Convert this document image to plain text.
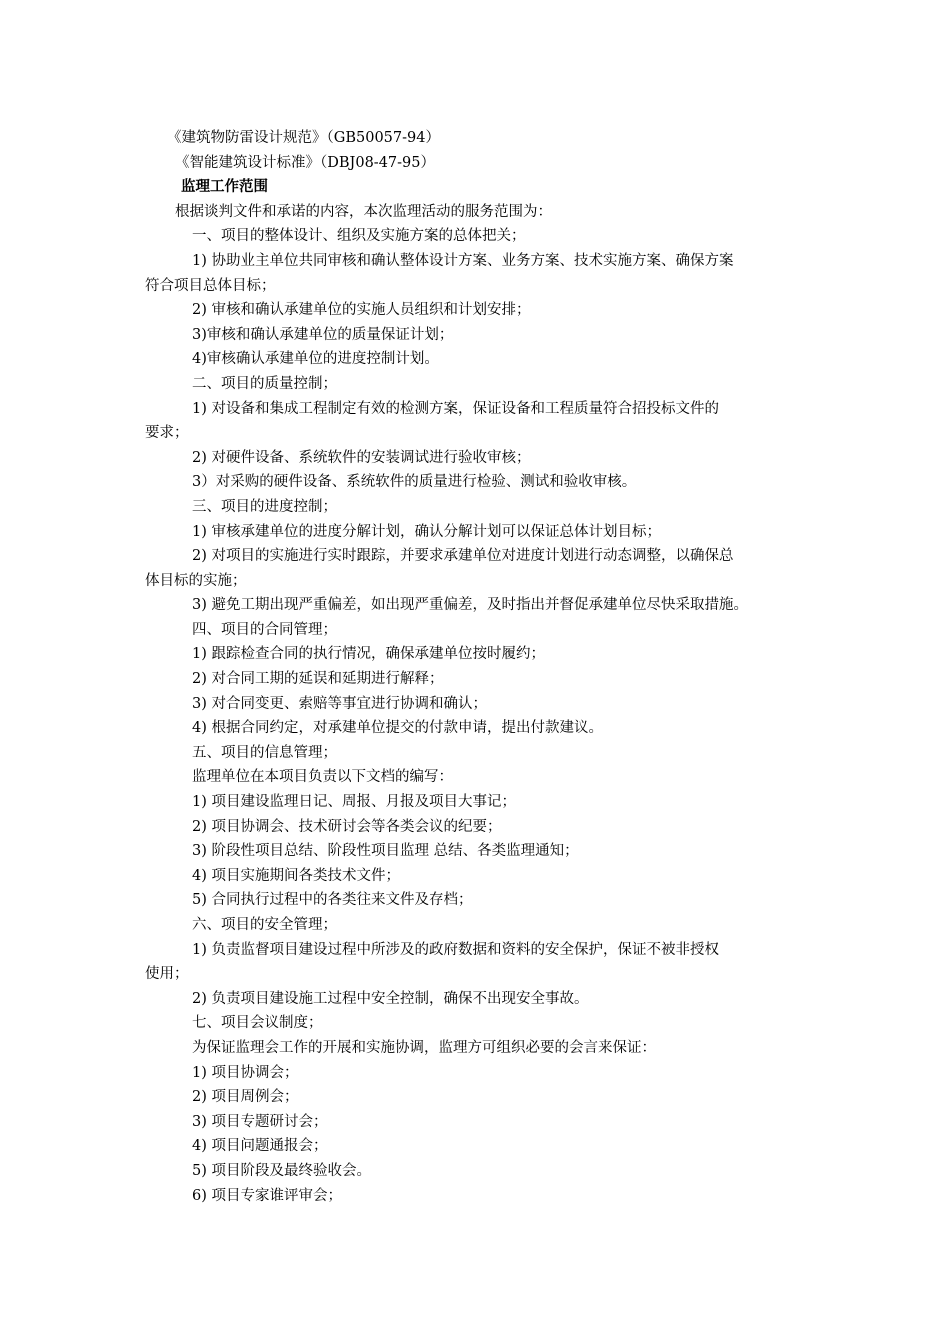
《建筑物防雷设计规范》（GB50057-94）

《智能建筑设计标准》（DBJ08-47-95）

监理工作范围

根据谈判文件和承诺的内容，本次监理活动的服务范围为：

一、项目的整体设计、组织及实施方案的总体把关；

1) 协助业主单位共同审核和确认整体设计方案、业务方案、技术实施方案、确保方案

符合项目总体目标；

2) 审核和确认承建单位的实施人员组织和计划安排；

3)审核和确认承建单位的质量保证计划；

4)审核确认承建单位的进度控制计划。

二、项目的质量控制；

1) 对设备和集成工程制定有效的检测方案，保证设备和工程质量符合招投标文件的

要求；

2) 对硬件设备、系统软件的安装调试进行验收审核；

3）对采购的硬件设备、系统软件的质量进行检验、测试和验收审核。

三、项目的进度控制；

1) 审核承建单位的进度分解计划，确认分解计划可以保证总体计划目标；

2) 对项目的实施进行实时跟踪，并要求承建单位对进度计划进行动态调整，以确保总

体目标的实施；

3) 避免工期出现严重偏差，如出现严重偏差，及时指出并督促承建单位尽快采取措施。

四、项目的合同管理；

1) 跟踪检查合同的执行情况，确保承建单位按时履约；

2) 对合同工期的延误和延期进行解释；

3) 对合同变更、索赔等事宜进行协调和确认；

4) 根据合同约定，对承建单位提交的付款申请，提出付款建议。

五、项目的信息管理；

监理单位在本项目负责以下文档的编写：

1) 项目建设监理日记、周报、月报及项目大事记；

2) 项目协调会、技术研讨会等各类会议的纪要；

3) 阶段性项目总结、阶段性项目监理 总结、各类监理通知；

4) 项目实施期间各类技术文件；

5) 合同执行过程中的各类往来文件及存档；

六、项目的安全管理；

1) 负责监督项目建设过程中所涉及的政府数据和资料的安全保护，保证不被非授权

使用；

2) 负责项目建设施工过程中安全控制，确保不出现安全事故。

七、项目会议制度；

为保证监理会工作的开展和实施协调，监理方可组织必要的会言来保证：

1) 项目协调会；

2) 项目周例会；

3) 项目专题研讨会；

4) 项目问题通报会；

5) 项目阶段及最终验收会。

6) 项目专家谁评审会；
